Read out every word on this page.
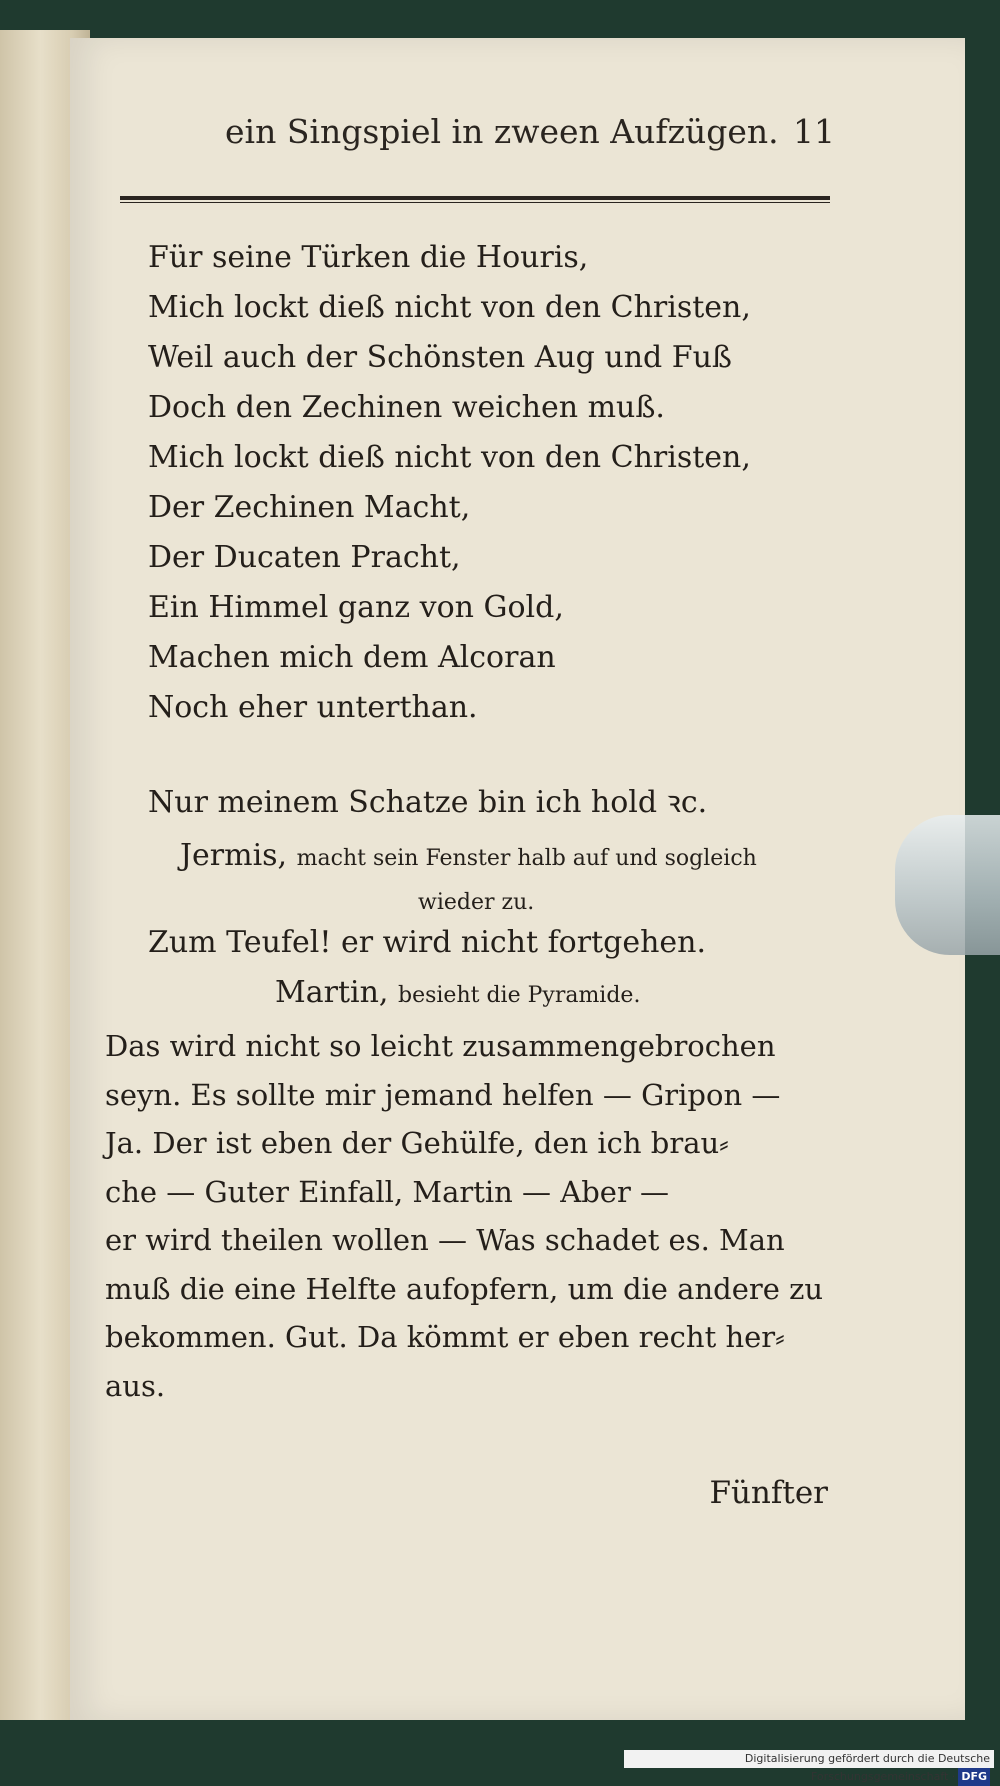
ein Singspiel in zween Aufzügen. 11
Für seine Türken die Houris,
Mich lockt dieß nicht von den Christen,
Weil auch der Schönsten Aug und Fuß
Doch den Zechinen weichen muß.
Mich lockt dieß nicht von den Christen,
Der Zechinen Macht,
Der Ducaten Pracht,
Ein Himmel ganz von Gold,
Machen mich dem Alcoran
Noch eher unterthan.
Nur meinem Schatze bin ich hold ꝛc.
Jermis, macht sein Fenster halb auf und sogleich
wieder zu.
Zum Teufel! er wird nicht fortgehen.
Martin, besieht die Pyramide.
Das wird nicht so leicht zusammengebrochen
seyn. Es sollte mir jemand helfen — Gripon —
Ja. Der ist eben der Gehülfe, den ich brau⸗
che — Guter Einfall, Martin — Aber —
er wird theilen wollen — Was schadet es. Man
muß die eine Helfte aufopfern, um die andere zu
bekommen. Gut. Da kömmt er eben recht her⸗
aus.
Fünfter
Digitalisierung gefördert durch die Deutsche Forschungsgemeinschaft · DFG
